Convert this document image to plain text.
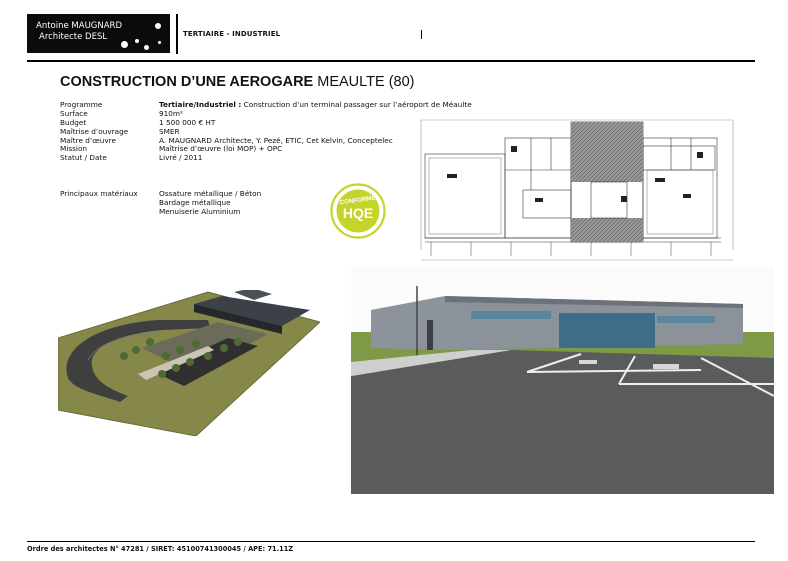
Antoine MAUGNARD
Architecte DESL	TERTIAIRE - INDUSTRIEL
CONSTRUCTION D’UNE AEROGARE MEAULTE (80)
Programme	Tertiaire/Industriel : Construction d’un terminal passager sur l’aéroport de Méaulte
Surface	910m²
Budget	1 500 000 € HT
Maîtrise d’ouvrage	SMER
Maître d’œuvre	A. MAUGNARD Architecte, Y. Pezé, ETIC, Cet Kelvin, Conceptelec
Mission	Maîtrise d’œuvre (loi MOP) + OPC
Statut / Date	Livré / 2011
Principaux matériaux	Ossature métallique / Béton
Bardage métallique
Menuiserie Aluminium
CONFORME
HQE
Ordre des architectes N° 47281 / SIRET: 45100741300045 / APE: 71.11Z
